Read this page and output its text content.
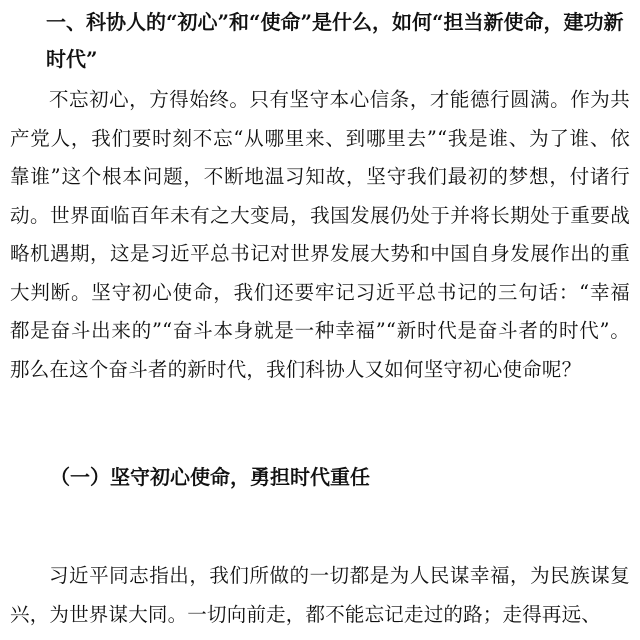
一、科协人的“初心”和“使命”是什么，如何“担当新使命，建功新时代”
不忘初心，方得始终。只有坚守本心信条，才能德行圆满。作为共产党人，我们要时刻不忘“从哪里来、到哪里去”“我是谁、为了谁、依靠谁”这个根本问题，不断地温习知故，坚守我们最初的梦想，付诸行动。世界面临百年未有之大变局，我国发展仍处于并将长期处于重要战略机遇期，这是习近平总书记对世界发展大势和中国自身发展作出的重大判断。坚守初心使命，我们还要牢记习近平总书记的三句话：“幸福都是奋斗出来的”“奋斗本身就是一种幸福”“新时代是奋斗者的时代”。那么在这个奋斗者的新时代，我们科协人又如何坚守初心使命呢？
（一）坚守初心使命，勇担时代重任
习近平同志指出，我们所做的一切都是为人民谋幸福，为民族谋复兴，为世界谋大同。一切向前走，都不能忘记走过的路；走得再远、
